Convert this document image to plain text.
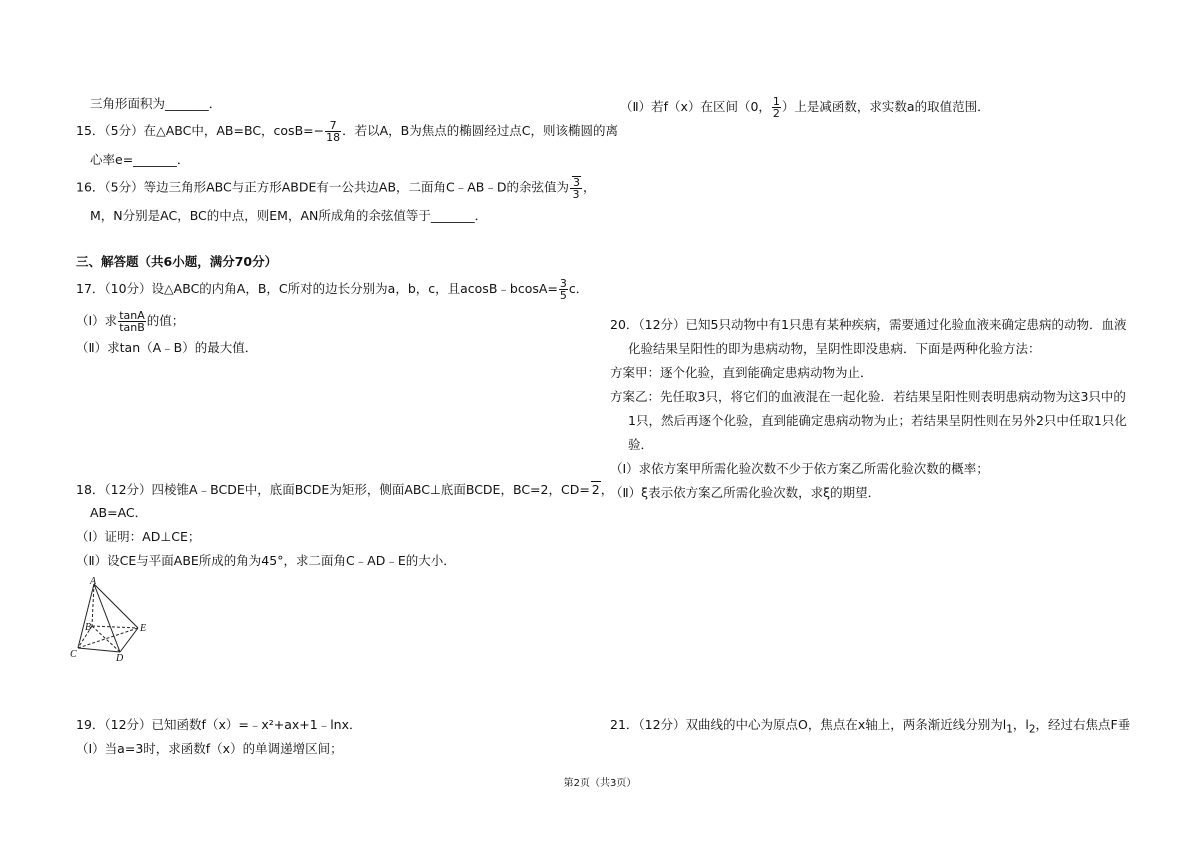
三角形面积为_______．
15．（5分）在△ABC中，AB=BC，$\cos B=- \frac{7}{18}$ ．若以A，B为焦点的椭圆经过点C，则该椭圆的离
心率e=_______．
16．（5分）等边三角形ABC与正方形ABDE有一公共边AB，二面角C﹣AB﹣D的余弦值为 $\frac{3}{3}$ ，
M，N分别是AC，BC的中点，则EM，AN所成角的余弦值等于_______．
三、解答题（共6小题，满分70分）
17．（10分）设△ABC的内角A，B，C所对的边长分别为a，b，c，且acosB﹣bcosA= $\frac{3}{5}$ c．
（Ⅰ）求 $\frac{\tan A}{\tan B}$ 的值；
（Ⅱ）求tan（A﹣B）的最大值．
18．（12分）四棱锥A﹣BCDE中，底面BCDE为矩形，侧面ABC⊥底面BCDE，BC=2，CD= 2，
AB=AC．
（Ⅰ）证明：AD⊥CE；
（Ⅱ）设CE与平面ABE所成的角为45°，求二面角C﹣AD﹣E的大小．
A
B	E
C	D
19．（12分）已知函数f（x）=﹣x²+ax+1﹣lnx．
（Ⅰ）当a=3时，求函数f（x）的单调递增区间；
（Ⅱ）若f（x）在区间（0， $\frac{1}{2}$ ）上是减函数，求实数a的取值范围．
20．（12分）已知5只动物中有1只患有某种疾病，需要通过化验血液来确定患病的动物．血液
化验结果呈阳性的即为患病动物，呈阴性即没患病．下面是两种化验方法：
方案甲：逐个化验，直到能确定患病动物为止．
方案乙：先任取3只，将它们的血液混在一起化验．若结果呈阳性则表明患病动物为这3只中的
1只，然后再逐个化验，直到能确定患病动物为止；若结果呈阴性则在另外2只中任取1只化
验．
（Ⅰ）求依方案甲所需化验次数不少于依方案乙所需化验次数的概率；
（Ⅱ）ξ表示依方案乙所需化验次数，求ξ的期望．
21．（12分）双曲线的中心为原点O，焦点在x轴上，两条渐近线分别为$l_1$，$l_2$，经过右焦点F垂
第2页（共3页）
